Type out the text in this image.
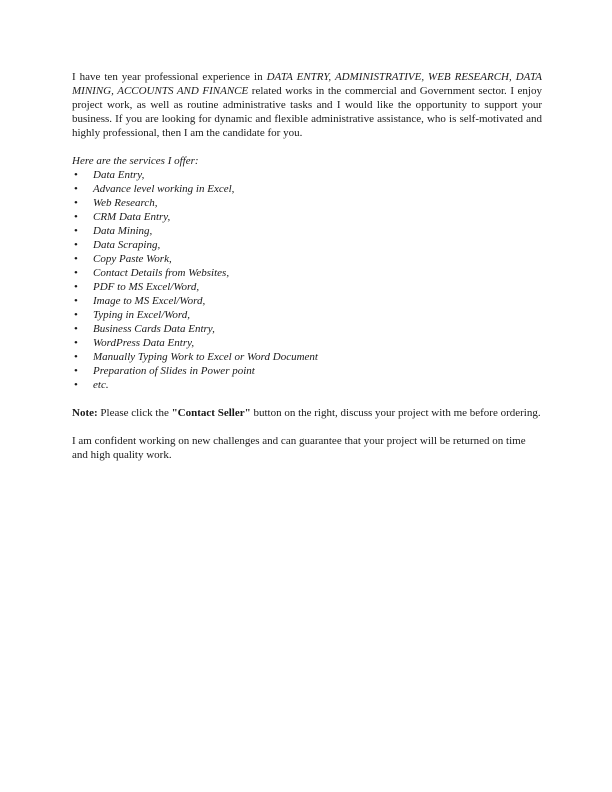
I have ten year professional experience in DATA ENTRY, ADMINISTRATIVE, WEB RESEARCH, DATA MINING, ACCOUNTS AND FINANCE related works in the commercial and Government sector. I enjoy project work, as well as routine administrative tasks and I would like the opportunity to support your business. If you are looking for dynamic and flexible administrative assistance, who is self-motivated and highly professional, then I am the candidate for you.

Here are the services I offer:

• Data Entry,
• Advance level working in Excel,
• Web Research,
• CRM Data Entry,
• Data Mining,
• Data Scraping,
• Copy Paste Work,
• Contact Details from Websites,
• PDF to MS Excel/Word,
• Image to MS Excel/Word,
• Typing in Excel/Word,
• Business Cards Data Entry,
• WordPress Data Entry,
• Manually Typing Work to Excel or Word Document
• Preparation of Slides in Power point
• etc.

Note: Please click the "Contact Seller" button on the right, discuss your project with me before ordering.

I am confident working on new challenges and can guarantee that your project will be returned on time and high quality work.
